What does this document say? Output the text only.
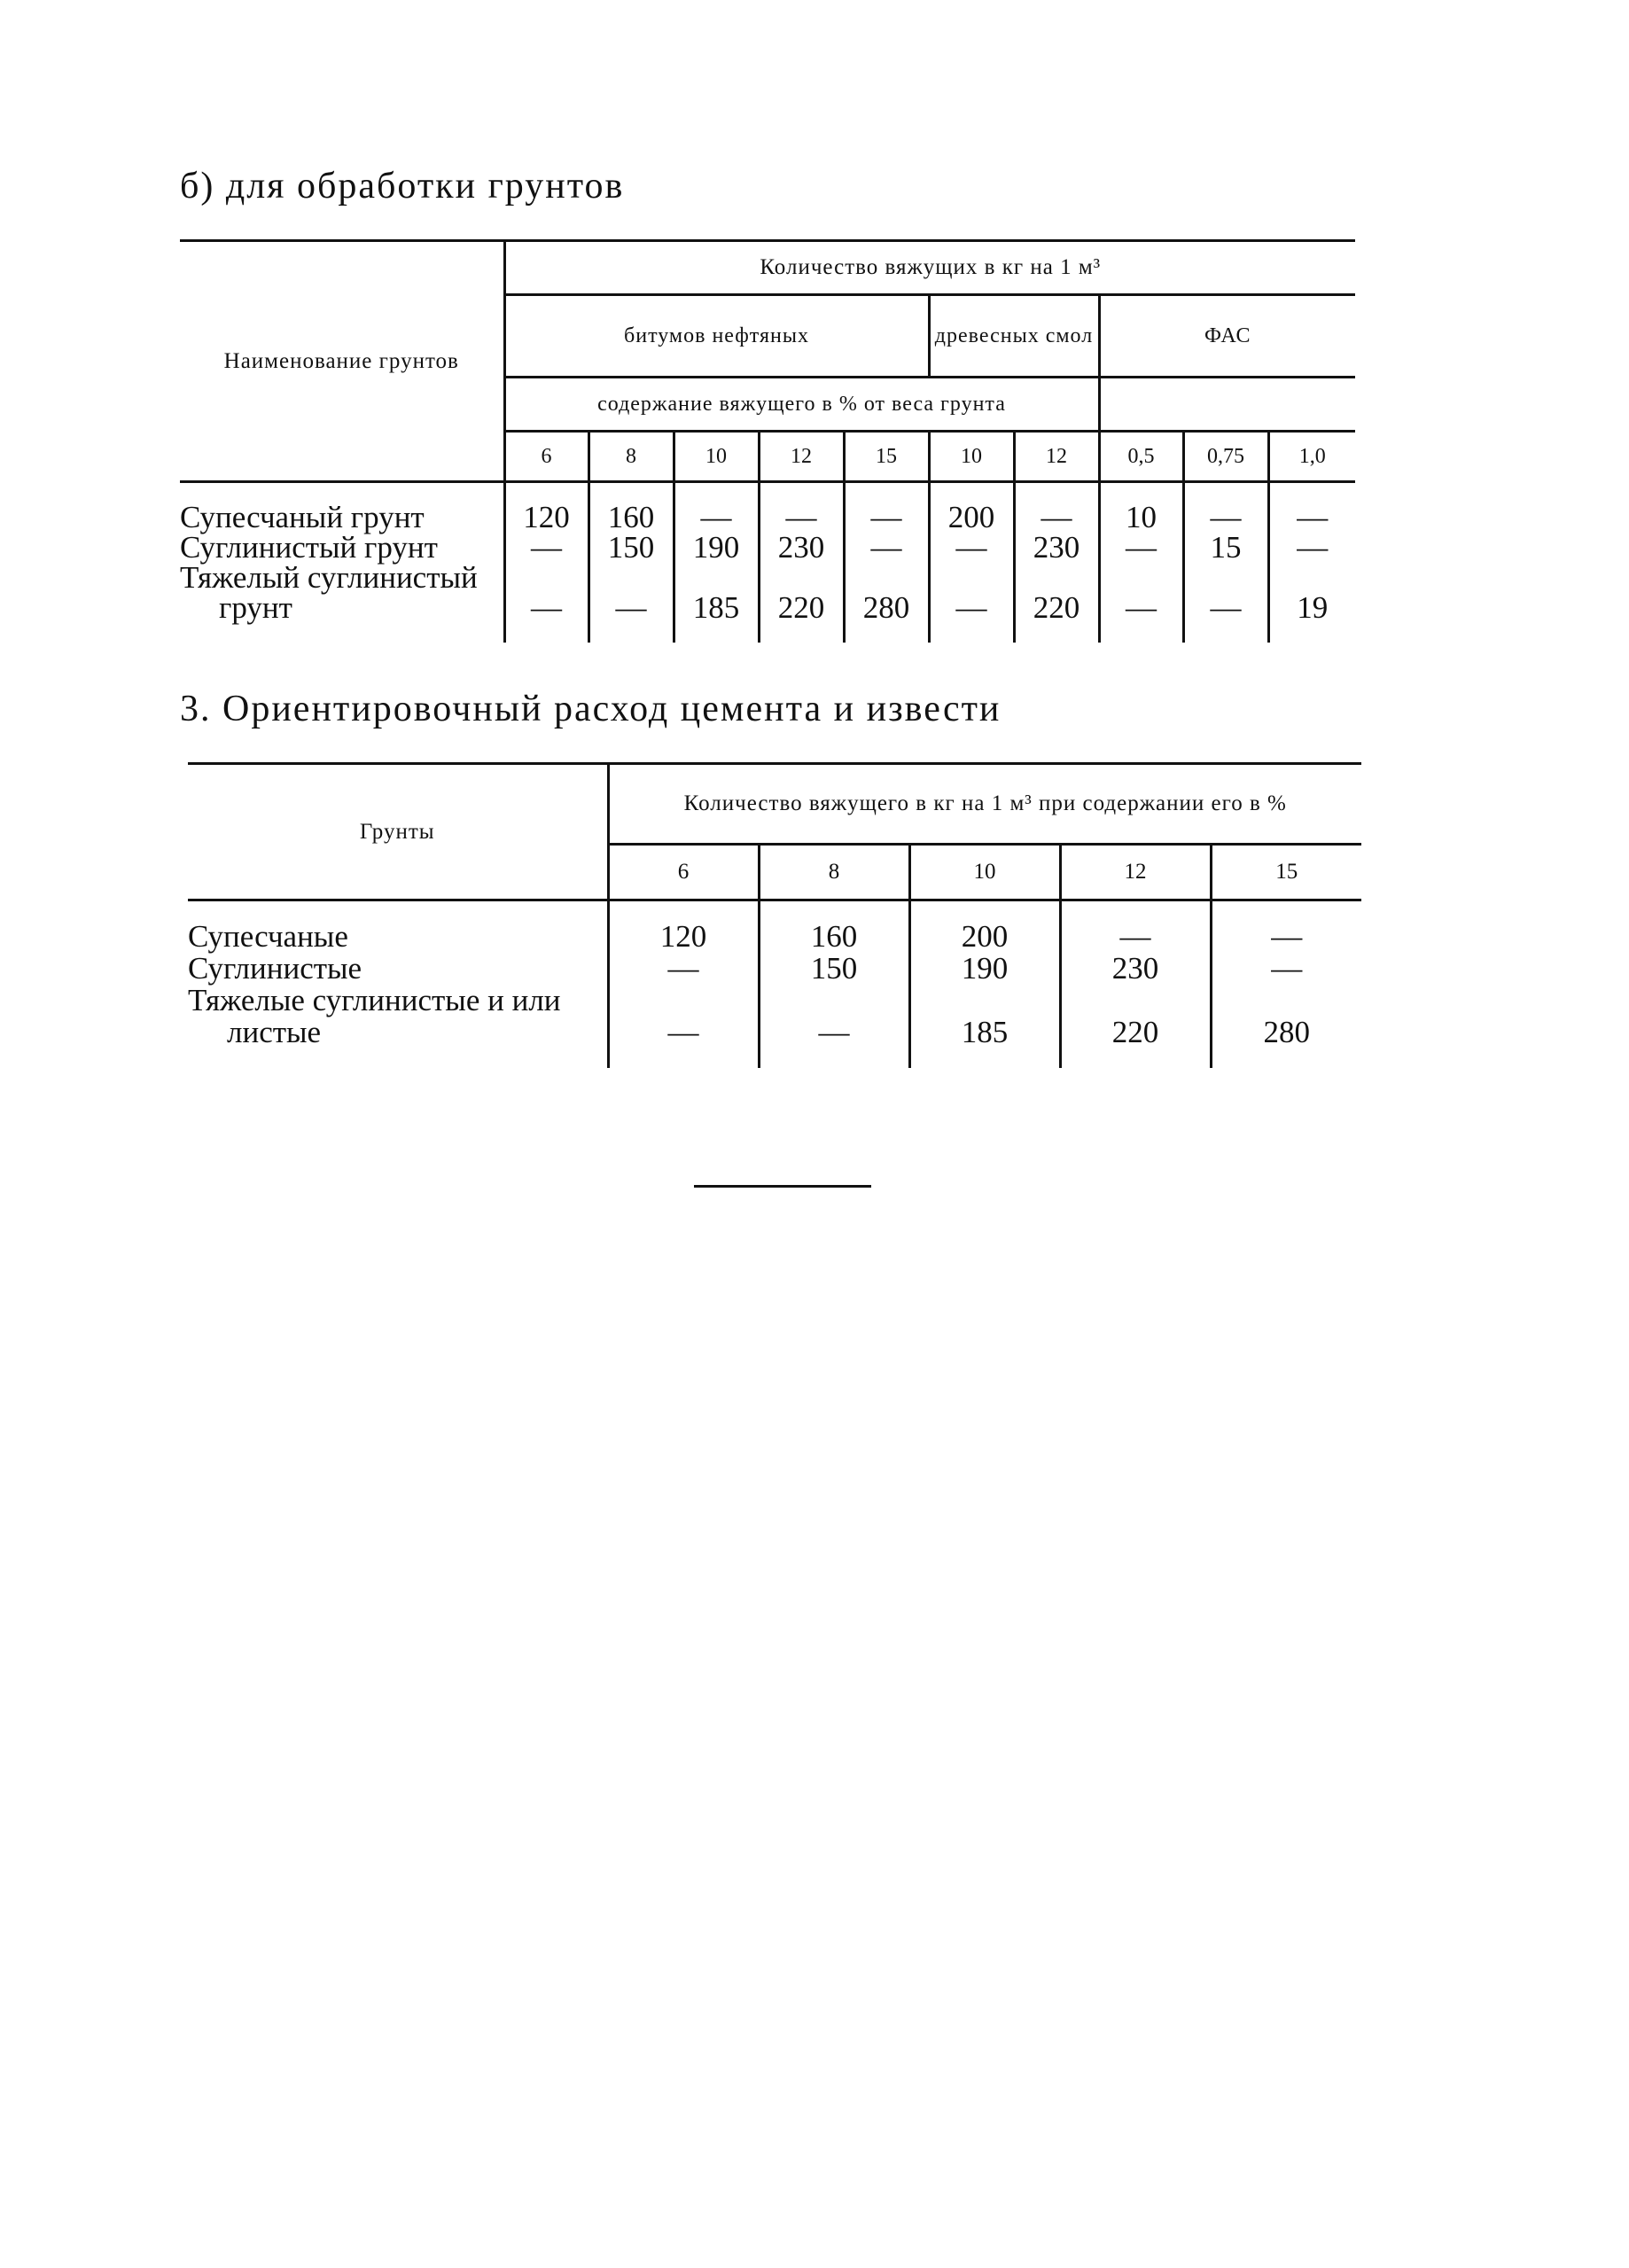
б) для обработки грунтов
Наименование грунтов	Количество вяжущих в кг на 1 м³									
	битумов нефтяных					древесных смол		ФАС		
	содержание вяжущего в % от веса грунта									
	6	8	10	12	15	10	12	0,5	0,75	1,0
Супесчаный грунт	120	160	—	—	—	200	—	10	—	—
Суглинистый грунт	—	150	190	230	—	—	230	—	15	—
Тяжелый суглинистый										
грунт	—	—	185	220	280	—	220	—	—	19
3. Ориентировочный расход цемента и извести
Грунты	Количество вяжущего в кг на 1 м³ при содержании его в %				
	6	8	10	12	15
Супесчаные	120	160	200	—	—
Суглинистые	—	150	190	230	—
Тяжелые суглинистые и или					
листые	—	—	185	220	280
